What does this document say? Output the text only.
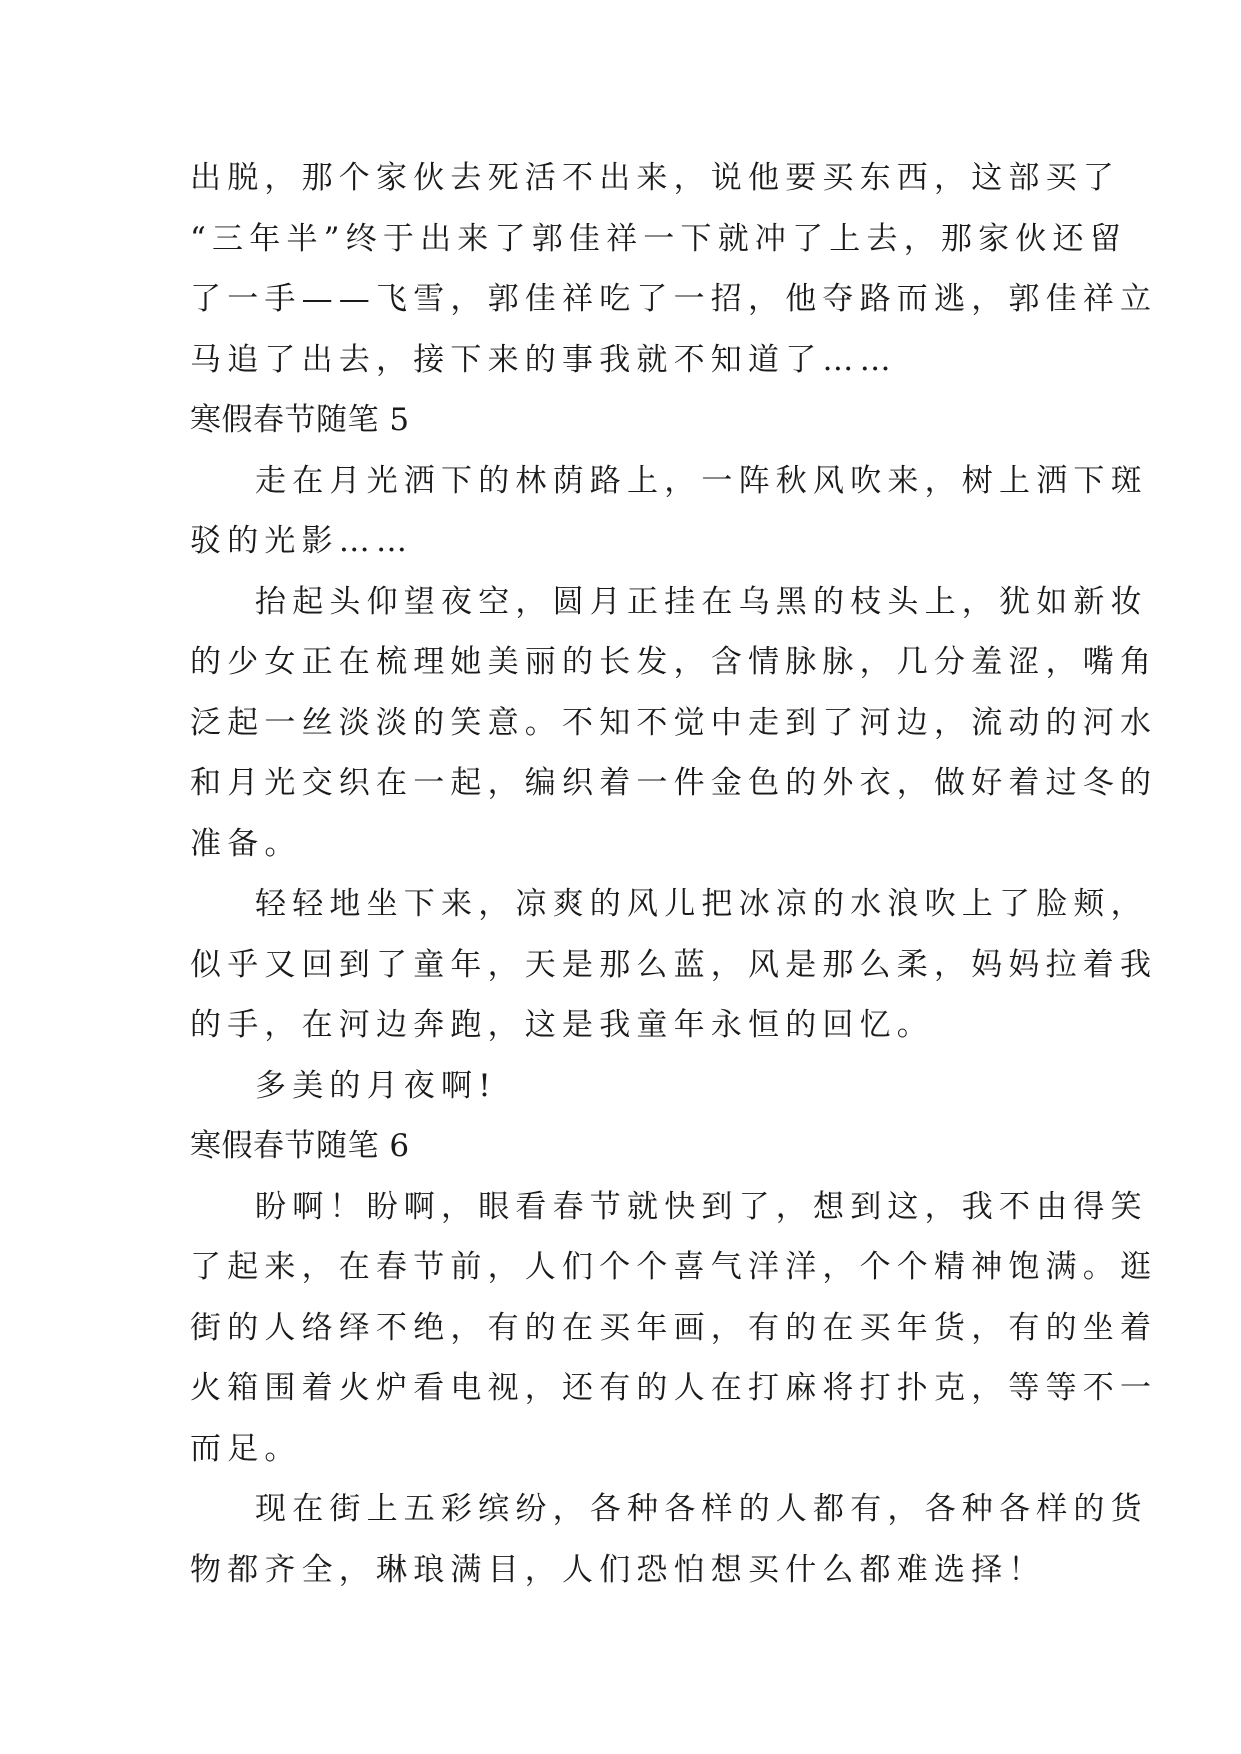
出脱，那个家伙去死活不出来，说他要买东西，这部买了
“三年半”终于出来了郭佳祥一下就冲了上去，那家伙还留
了一手——飞雪，郭佳祥吃了一招，他夺路而逃，郭佳祥立
马追了出去，接下来的事我就不知道了……
寒假春节随笔 5
走在月光洒下的林荫路上，一阵秋风吹来，树上洒下斑
驳的光影……
抬起头仰望夜空，圆月正挂在乌黑的枝头上，犹如新妆
的少女正在梳理她美丽的长发，含情脉脉，几分羞涩，嘴角
泛起一丝淡淡的笑意。不知不觉中走到了河边，流动的河水
和月光交织在一起，编织着一件金色的外衣，做好着过冬的
准备。
轻轻地坐下来，凉爽的风儿把冰凉的水浪吹上了脸颊，
似乎又回到了童年，天是那么蓝，风是那么柔，妈妈拉着我
的手，在河边奔跑，这是我童年永恒的回忆。
多美的月夜啊!
寒假春节随笔 6
盼啊！盼啊，眼看春节就快到了，想到这，我不由得笑
了起来，在春节前，人们个个喜气洋洋，个个精神饱满。逛
街的人络绎不绝，有的在买年画，有的在买年货，有的坐着
火箱围着火炉看电视，还有的人在打麻将打扑克，等等不一
而足。
现在街上五彩缤纷，各种各样的人都有，各种各样的货
物都齐全，琳琅满目，人们恐怕想买什么都难选择！
